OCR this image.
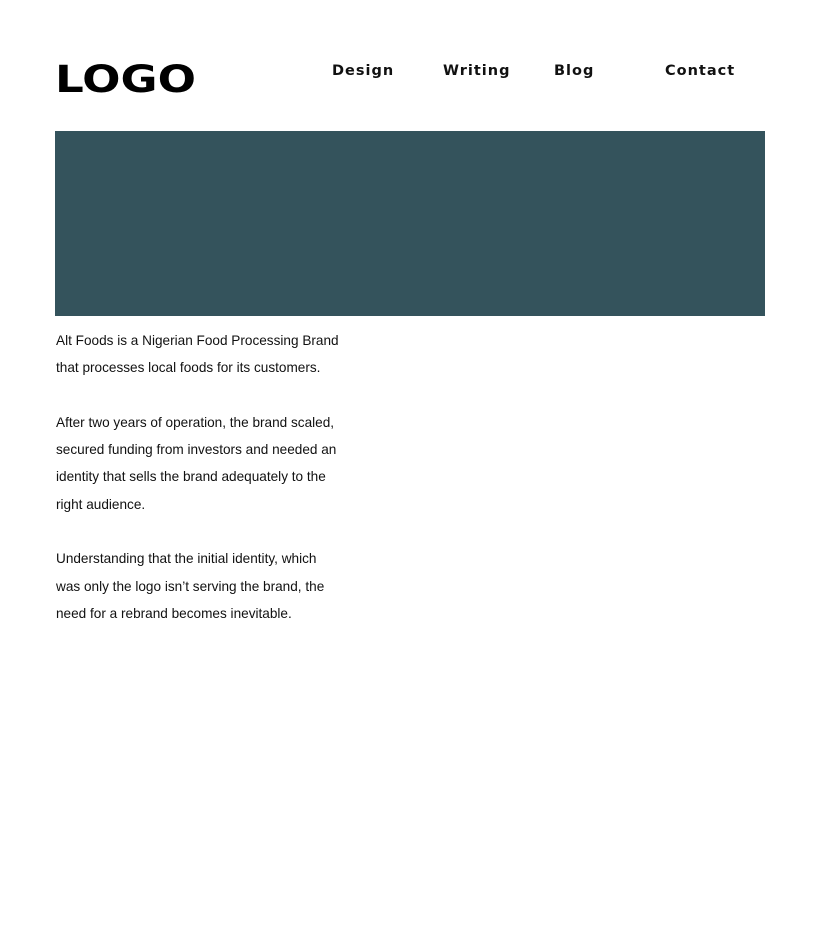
LOGO	Design	Writing	Blog	Contact

Alt Foods is a Nigerian Food Processing Brand
that processes local foods for its customers.

After two years of operation, the brand scaled,
secured funding from investors and needed an
identity that sells the brand adequately to the
right audience.

Understanding that the initial identity, which
was only the logo isn’t serving the brand, the
need for a rebrand becomes inevitable.
